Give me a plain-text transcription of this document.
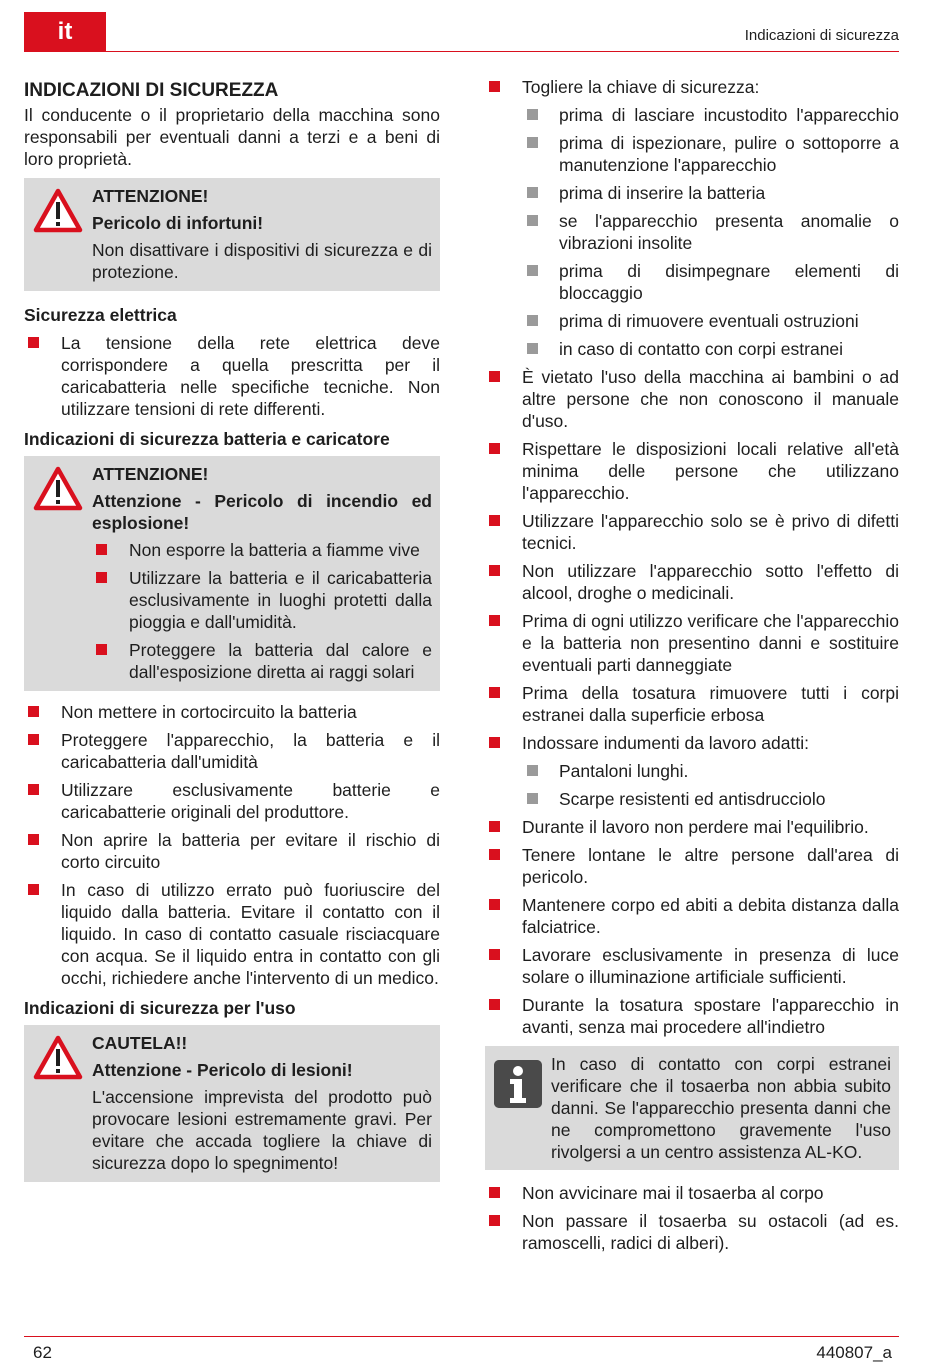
it	Indicazioni di sicurezza
INDICAZIONI DI SICUREZZA

Il conducente o il proprietario della macchina sono responsabili per eventuali danni a terzi e a beni di loro proprietà.

ATTENZIONE!
Pericolo di infortuni!
Non disattivare i dispositivi di sicurezza e di protezione.
Sicurezza elettrica
La tensione della rete elettrica deve corrispondere a quella prescritta per il caricabatteria nelle specifiche tecniche. Non utilizzare tensioni di rete differenti.
Indicazioni di sicurezza batteria e caricatore
ATTENZIONE!
Attenzione - Pericolo di incendio ed esplosione!
Non esporre la batteria a fiamme vive
Utilizzare la batteria e il caricabatteria esclusivamente in luoghi protetti dalla pioggia e dall'umidità.
Proteggere la batteria dal calore e dall'esposizione diretta ai raggi solari
Non mettere in cortocircuito la batteria
Proteggere l'apparecchio, la batteria e il caricabatteria dall'umidità
Utilizzare esclusivamente batterie e caricabatterie originali del produttore.
Non aprire la batteria per evitare il rischio di corto circuito
In caso di utilizzo errato può fuoriuscire del liquido dalla batteria. Evitare il contatto con il liquido. In caso di contatto casuale risciacquare con acqua. Se il liquido entra in contatto con gli occhi, richiedere anche l'intervento di un medico.
Indicazioni di sicurezza per l'uso
CAUTELA!!
Attenzione - Pericolo di lesioni!
L'accensione imprevista del prodotto può provocare lesioni estremamente gravi. Per evitare che accada togliere la chiave di sicurezza dopo lo spegnimento!
Togliere la chiave di sicurezza:
prima di lasciare incustodito l'apparecchio
prima di ispezionare, pulire o sottoporre a manutenzione l'apparecchio
prima di inserire la batteria
se l'apparecchio presenta anomalie o vibrazioni insolite
prima di disimpegnare elementi di bloccaggio
prima di rimuovere eventuali ostruzioni
in caso di contatto con corpi estranei
È vietato l'uso della macchina ai bambini o ad altre persone che non conoscono il manuale d'uso.
Rispettare le disposizioni locali relative all'età minima delle persone che utilizzano l'apparecchio.
Utilizzare l'apparecchio solo se è privo di difetti tecnici.
Non utilizzare l'apparecchio sotto l'effetto di alcool, droghe o medicinali.
Prima di ogni utilizzo verificare che l'apparecchio e la batteria non presentino danni e sostituire eventuali parti danneggiate
Prima della tosatura rimuovere tutti i corpi estranei dalla superficie erbosa
Indossare indumenti da lavoro adatti:
Pantaloni lunghi.
Scarpe resistenti ed antisdrucciolo
Durante il lavoro non perdere mai l'equilibrio.
Tenere lontane le altre persone dall'area di pericolo.
Mantenere corpo ed abiti a debita distanza dalla falciatrice.
Lavorare esclusivamente in presenza di luce solare o illuminazione artificiale sufficienti.
Durante la tosatura spostare l'apparecchio in avanti, senza mai procedere all'indietro
In caso di contatto con corpi estranei verificare che il tosaerba non abbia subito danni. Se l'apparecchio presenta danni che ne compromettono gravemente l'uso rivolgersi a un centro assistenza AL-KO.
Non avvicinare mai il tosaerba al corpo
Non passare il tosaerba su ostacoli (ad es. ramoscelli, radici di alberi).
62	440807_a
